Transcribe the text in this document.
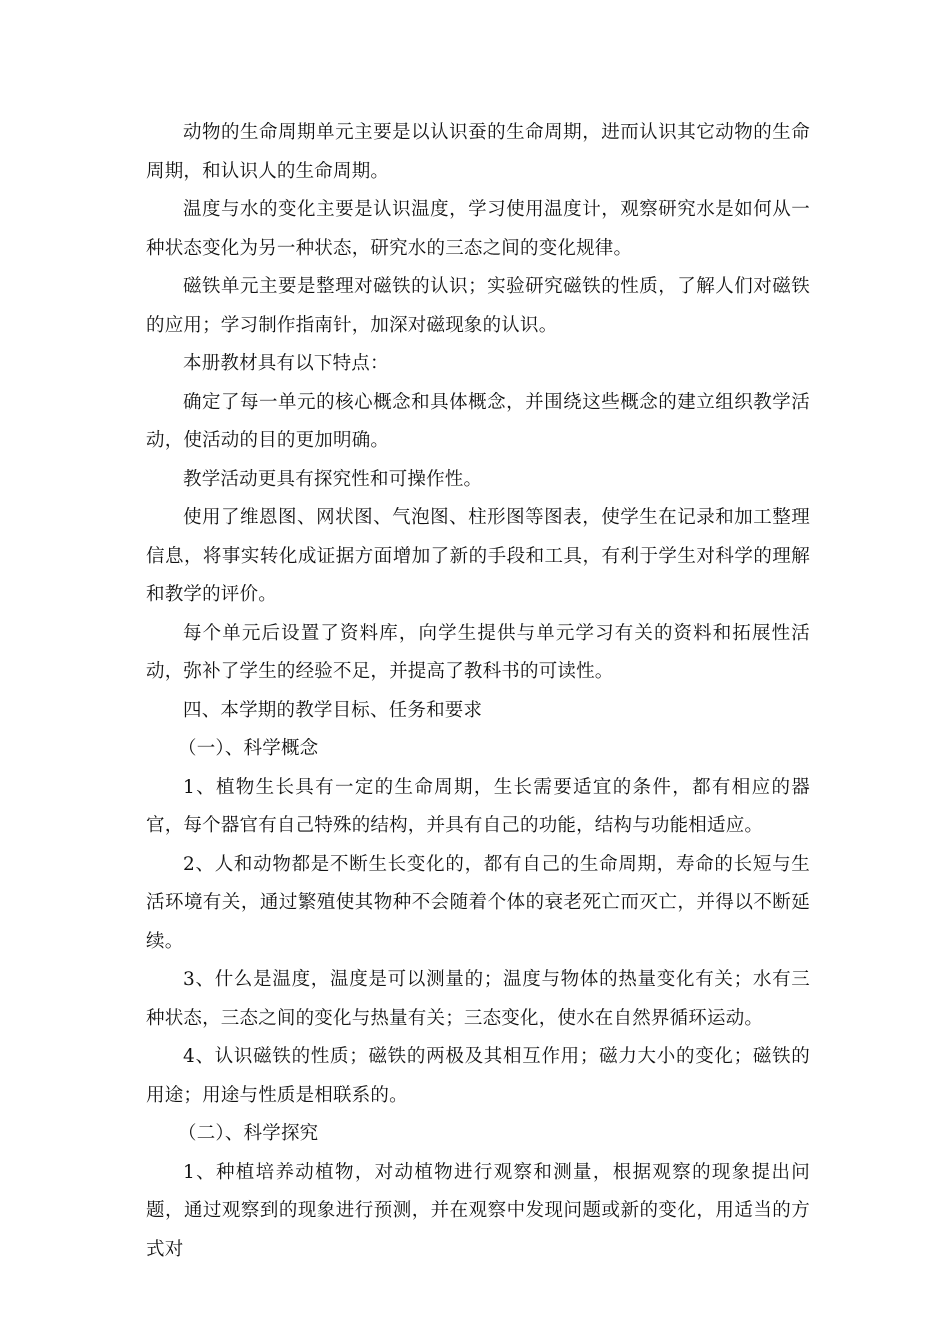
动物的生命周期单元主要是以认识蚕的生命周期，进而认识其它动物的生命周期，和认识人的生命周期。

温度与水的变化主要是认识温度，学习使用温度计，观察研究水是如何从一种状态变化为另一种状态，研究水的三态之间的变化规律。

磁铁单元主要是整理对磁铁的认识；实验研究磁铁的性质，了解人们对磁铁的应用；学习制作指南针，加深对磁现象的认识。

本册教材具有以下特点：

确定了每一单元的核心概念和具体概念，并围绕这些概念的建立组织教学活动，使活动的目的更加明确。

教学活动更具有探究性和可操作性。

使用了维恩图、网状图、气泡图、柱形图等图表，使学生在记录和加工整理信息，将事实转化成证据方面增加了新的手段和工具，有利于学生对科学的理解和教学的评价。

每个单元后设置了资料库，向学生提供与单元学习有关的资料和拓展性活动，弥补了学生的经验不足，并提高了教科书的可读性。

四、本学期的教学目标、任务和要求

（一）、科学概念

1、植物生长具有一定的生命周期，生长需要适宜的条件，都有相应的器官，每个器官有自己特殊的结构，并具有自己的功能，结构与功能相适应。

2、人和动物都是不断生长变化的，都有自己的生命周期，寿命的长短与生活环境有关，通过繁殖使其物种不会随着个体的衰老死亡而灭亡，并得以不断延续。

3、什么是温度，温度是可以测量的；温度与物体的热量变化有关；水有三种状态，三态之间的变化与热量有关；三态变化，使水在自然界循环运动。

4、认识磁铁的性质；磁铁的两极及其相互作用；磁力大小的变化；磁铁的用途；用途与性质是相联系的。

（二）、科学探究

1、种植培养动植物，对动植物进行观察和测量，根据观察的现象提出问题，通过观察到的现象进行预测，并在观察中发现问题或新的变化，用适当的方式对
